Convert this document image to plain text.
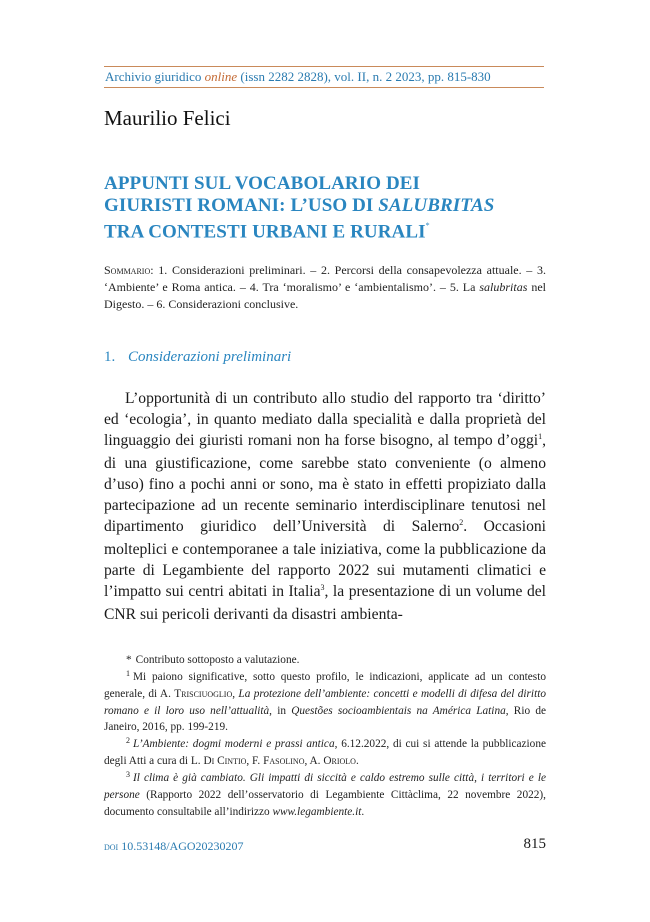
Archivio giuridico online (issn 2282 2828), vol. II, n. 2 2023, pp. 815-830
Maurilio Felici
APPUNTI SUL VOCABOLARIO DEI
GIURISTI ROMANI: L’USO DI SALUBRITAS
TRA CONTESTI URBANI E RURALI*
Sommario: 1. Considerazioni preliminari. – 2. Percorsi della consapevolezza attuale. – 3. ‘Ambiente’ e Roma antica. – 4. Tra ‘moralismo’ e ‘ambientalismo’. – 5. La salubritas nel Digesto. – 6. Considerazioni conclusive.
1. Considerazioni preliminari

L’opportunità di un contributo allo studio del rapporto tra ‘diritto’ ed ‘ecologia’, in quanto mediato dalla specialità e dalla proprietà del linguaggio dei giuristi romani non ha forse bisogno, al tempo d’oggi$^1$, di una giustificazione, come sarebbe stato conveniente (o almeno d’uso) fino a pochi anni or sono, ma è stato in effetti propiziato dalla partecipazione ad un recente seminario interdisciplinare tenutosi nel dipartimento giuridico dell’Università di Salerno$^2$. Occasioni molteplici e contemporanee a tale iniziativa, come la pubblicazione da parte di Legambiente del rapporto 2022 sui mutamenti climatici e l’impatto sui centri abitati in Italia$^3$, la presentazione di un volume del CNR sui pericoli derivanti da disastri ambienta-

* Contributo sottoposto a valutazione.

$^1$ Mi paiono significative, sotto questo profilo, le indicazioni, applicate ad un contesto generale, di A. Trisciuoglio, La protezione dell’ambiente: concetti e modelli di difesa del diritto romano e il loro uso nell’attualità, in Questões socioambientais na América Latina, Rio de Janeiro, 2016, pp. 199-219.

$^2$ L’Ambiente: dogmi moderni e prassi antica, 6.12.2022, di cui si attende la pubblicazione degli Atti a cura di L. Di Cintio, F. Fasolino, A. Oriolo.

$^3$ Il clima è già cambiato. Gli impatti di siccità e caldo estremo sulle città, i territori e le persone (Rapporto 2022 dell’osservatorio di Legambiente Cittàclima, 22 novembre 2022), documento consultabile all’indirizzo www.legambiente.it.

doi 10.53148/AGO20230207	815
